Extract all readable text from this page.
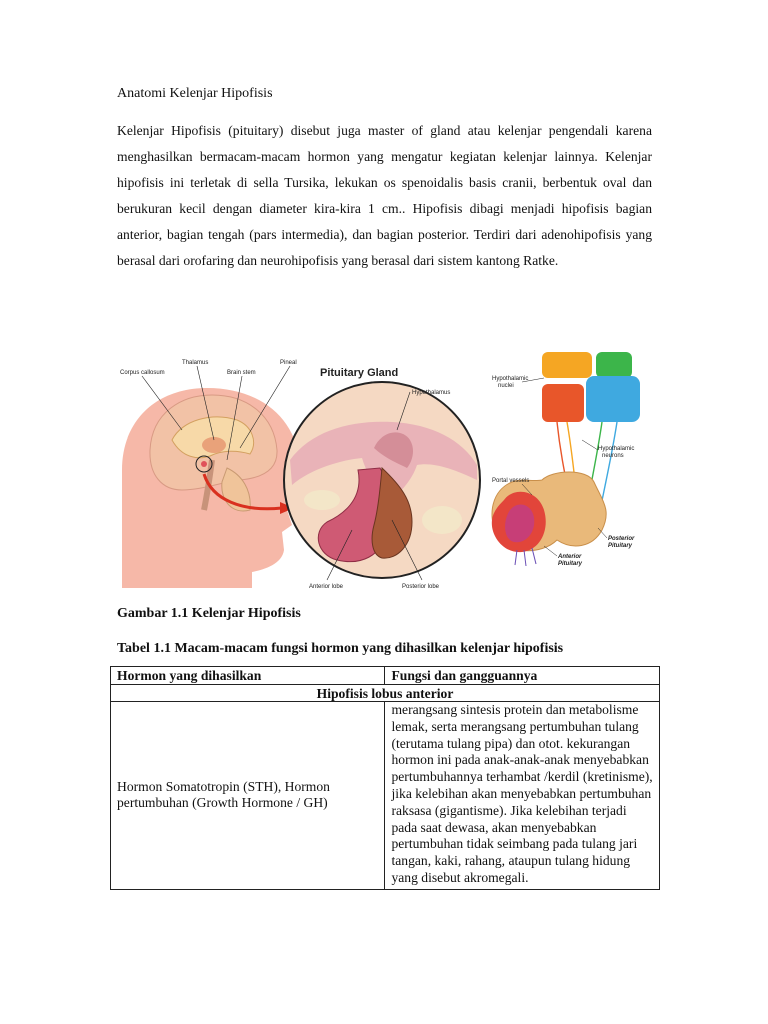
Anatomi Kelenjar Hipofisis

Kelenjar Hipofisis (pituitary) disebut juga master of gland atau kelenjar pengendali karena menghasilkan bermacam-macam hormon yang mengatur kegiatan kelenjar lainnya. Kelenjar hipofisis ini terletak di sella Tursika, lekukan os spenoidalis basis cranii, berbentuk oval dan berukuran kecil dengan diameter kira-kira 1 cm.. Hipofisis dibagi menjadi hipofisis bagian anterior, bagian tengah (pars intermedia), dan bagian posterior. Terdiri dari adenohipofisis yang berasal dari orofaring dan neurohipofisis yang berasal dari sistem kantong Ratke.

Corpus callosum
Thalamus
Brain stem
Pineal
Pituitary Gland
Hypothalamus
Anterior lobe	Posterior lobe
Hypothalamic
nuclei
Hypothalamic
neurons
Portal vessels
Posterior
Pituitary
Anterior
Pituitary
Gambar 1.1 Kelenjar Hipofisis
Tabel 1.1 Macam-macam fungsi hormon yang dihasilkan kelenjar hipofisis
Hormon yang dihasilkan	Fungsi dan gangguannya
Hipofisis lobus anterior	
Hormon Somatotropin (STH), Hormon pertumbuhan (Growth Hormone / GH)	merangsang sintesis protein dan metabolisme lemak, serta merangsang pertumbuhan tulang (terutama tulang pipa) dan otot. kekurangan hormon ini pada anak-anak-anak menyebabkan pertumbuhannya terhambat /kerdil (kretinisme), jika kelebihan akan menyebabkan pertumbuhan raksasa (gigantisme). Jika kelebihan terjadi pada saat dewasa, akan menyebabkan pertumbuhan tidak seimbang pada tulang jari tangan, kaki, rahang, ataupun tulang hidung yang disebut akromegali.
